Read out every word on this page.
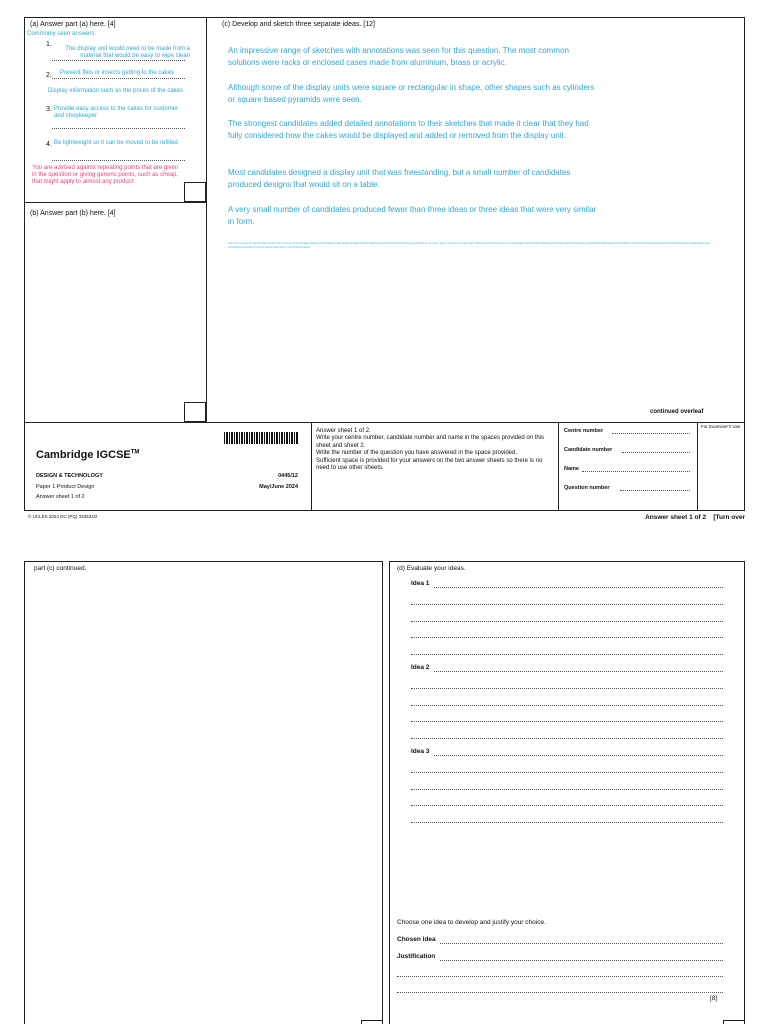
(a) Answer part (a) here. [4]
Commonly seen answers:
1.
The display unit would need to be made from a material that would be easy to wipe clean
2. Prevent flies or insects getting to the cakes
Display information such as the prices of the cakes
3. Provide easy access to the cakes for customer and shopkeeper
4. Be lightweight so it can be moved to be refilled
You are advised against repeating points that are given in the question or giving generic points, such as cheap, that might apply to almost any product
(b) Answer part (b) here. [4]
(c) Develop and sketch three separate ideas. [12]
An impressive range of sketches with annotations was seen for this question. The most common solutions were racks or enclosed cases made from aluminium, brass or acrylic.
Although some of the display units were square or rectangular in shape, other shapes such as cylinders or square based pyramids were seen.
The strongest candidates added detailed annotations to their sketches that made it clear that they had fully considered how the cakes would be displayed and added or removed from the display unit.
Most candidates designed a display unit that was freestanding, but a small number of candidates produced designs that would sit on a table.
A very small number of candidates produced fewer than three ideas or three ideas that were very similar in form.
https://ct.example.cambridge/ms/2024/resources/Cambridge%20Upper%20Secondary/Cambridge%20IGCSE/Design%20and%20Technology/0445-12-answer-sheet-examiner-report-jun-2024-pdf.html?signature=Cambridge%20IGCSE%20Design%20and%20Technology%200445%20Paper%201%20Product%20Design%20June%202024%20principal%20examiner%20report%20comments%20and%20common%20answers
continued overleaf
Cambridge IGCSE™
DESIGN & TECHNOLOGY
Paper 1 Product Design
Answer sheet 1 of 2
0445/12
May/June 2024
Answer sheet 1 of 2.
Write your centre number, candidate number and name in the spaces provided on this sheet and sheet 2.
Write the number of the question you have answered in the space provided.
Sufficient space is provided for your answers on the two answer sheets so there is no need to use other sheets.
Centre number
Candidate number
Name
Question number
For Examiner's Use
© UCLES 2024 DC (PQ) 333533/2	Answer sheet 1 of 2    [Turn over
part (c) continued.	(d) Evaluate your ideas.
Idea 1
Idea 2
Idea 3
Choose one idea to develop and justify your choice.
Chosen idea
Justification
[8]
